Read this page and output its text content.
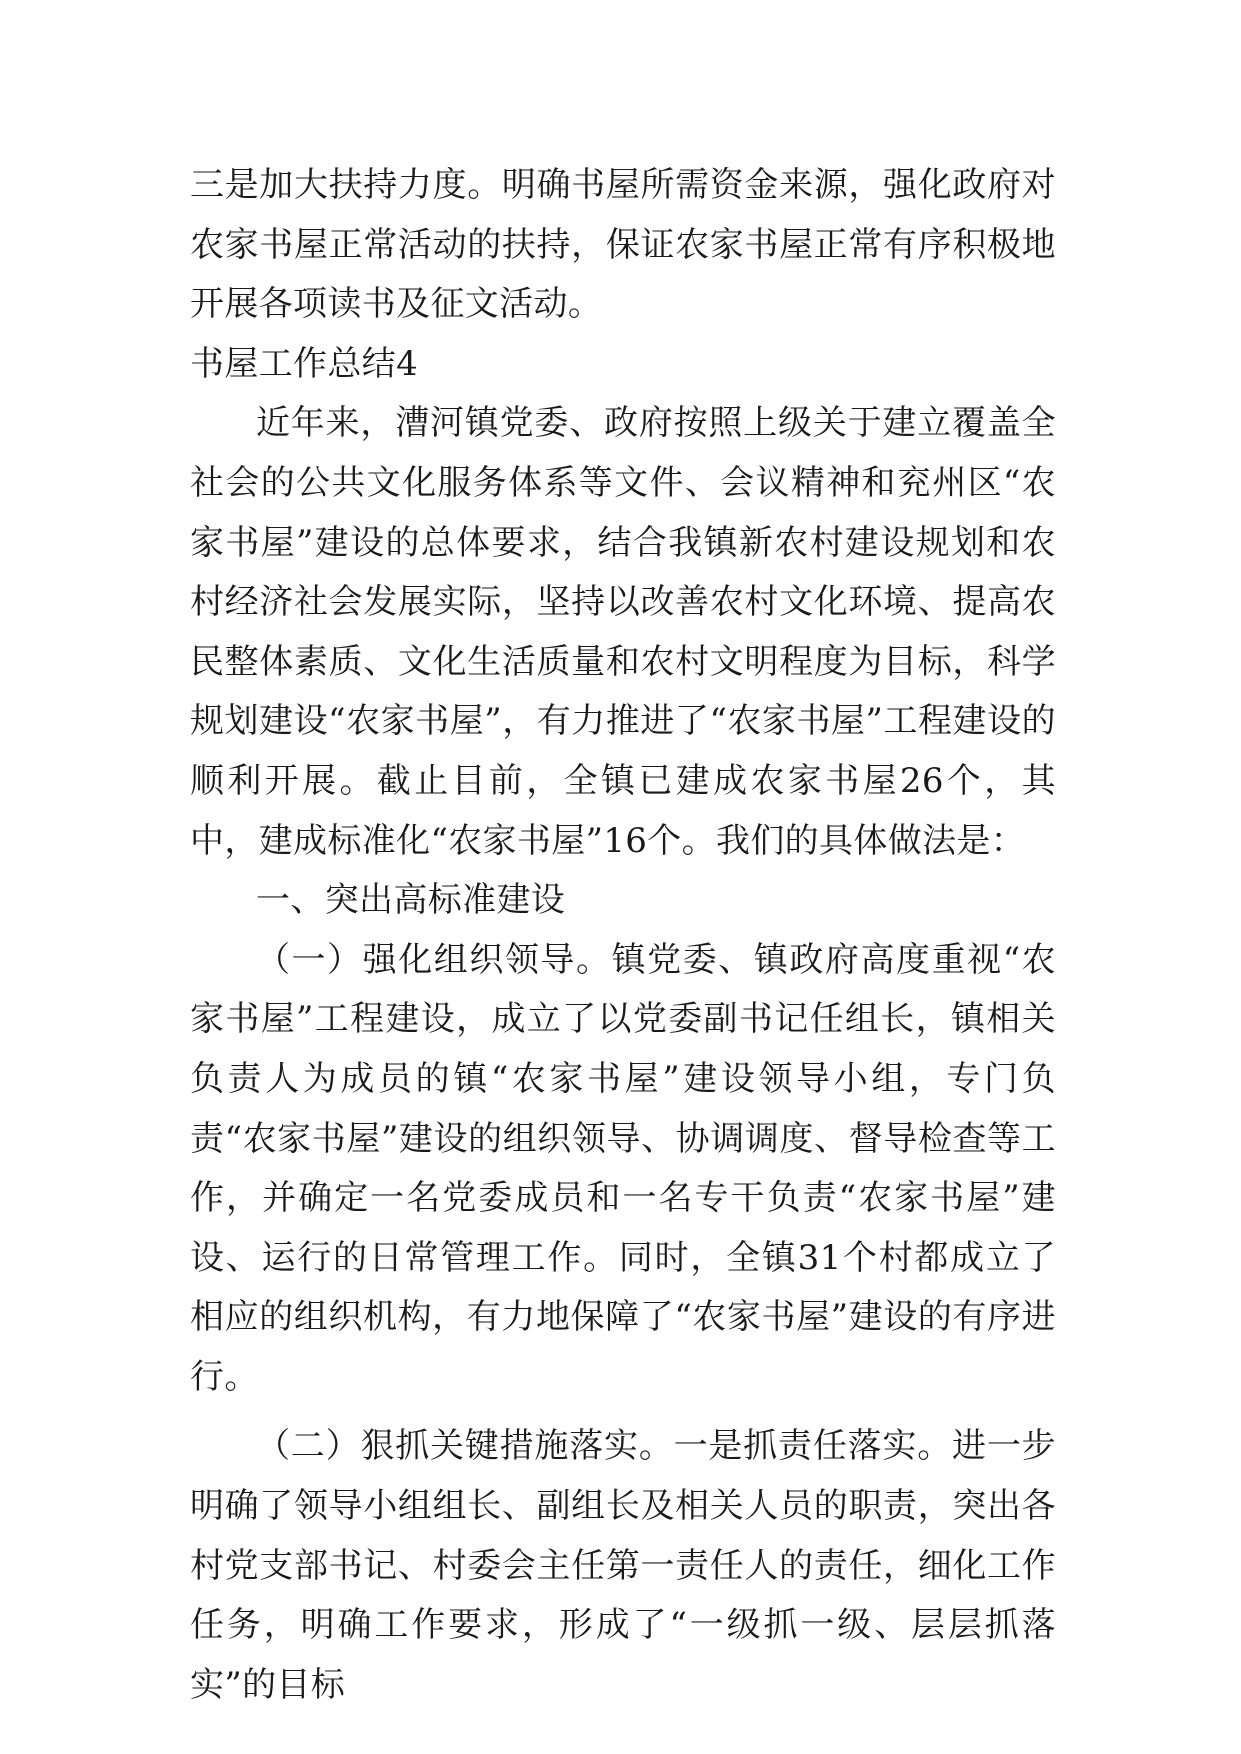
三是加大扶持力度。明确书屋所需资金来源，强化政府对农家书屋正常活动的扶持，保证农家书屋正常有序积极地开展各项读书及征文活动。

书屋工作总结4

近年来，漕河镇党委、政府按照上级关于建立覆盖全社会的公共文化服务体系等文件、会议精神和兖州区“农家书屋”建设的总体要求，结合我镇新农村建设规划和农村经济社会发展实际，坚持以改善农村文化环境、提高农民整体素质、文化生活质量和农村文明程度为目标，科学规划建设“农家书屋”，有力推进了“农家书屋”工程建设的顺利开展。截止目前，全镇已建成农家书屋26个，其中，建成标准化“农家书屋”16个。我们的具体做法是：

一、突出高标准建设

（一）强化组织领导。镇党委、镇政府高度重视“农家书屋”工程建设，成立了以党委副书记任组长，镇相关负责人为成员的镇“农家书屋”建设领导小组，专门负责“农家书屋”建设的组织领导、协调调度、督导检查等工作，并确定一名党委成员和一名专干负责“农家书屋”建设、运行的日常管理工作。同时，全镇31个村都成立了相应的组织机构，有力地保障了“农家书屋”建设的有序进行。

（二）狠抓关键措施落实。一是抓责任落实。进一步明确了领导小组组长、副组长及相关人员的职责，突出各村党支部书记、村委会主任第一责任人的责任，细化工作任务，明确工作要求，形成了“一级抓一级、层层抓落实”的目标
